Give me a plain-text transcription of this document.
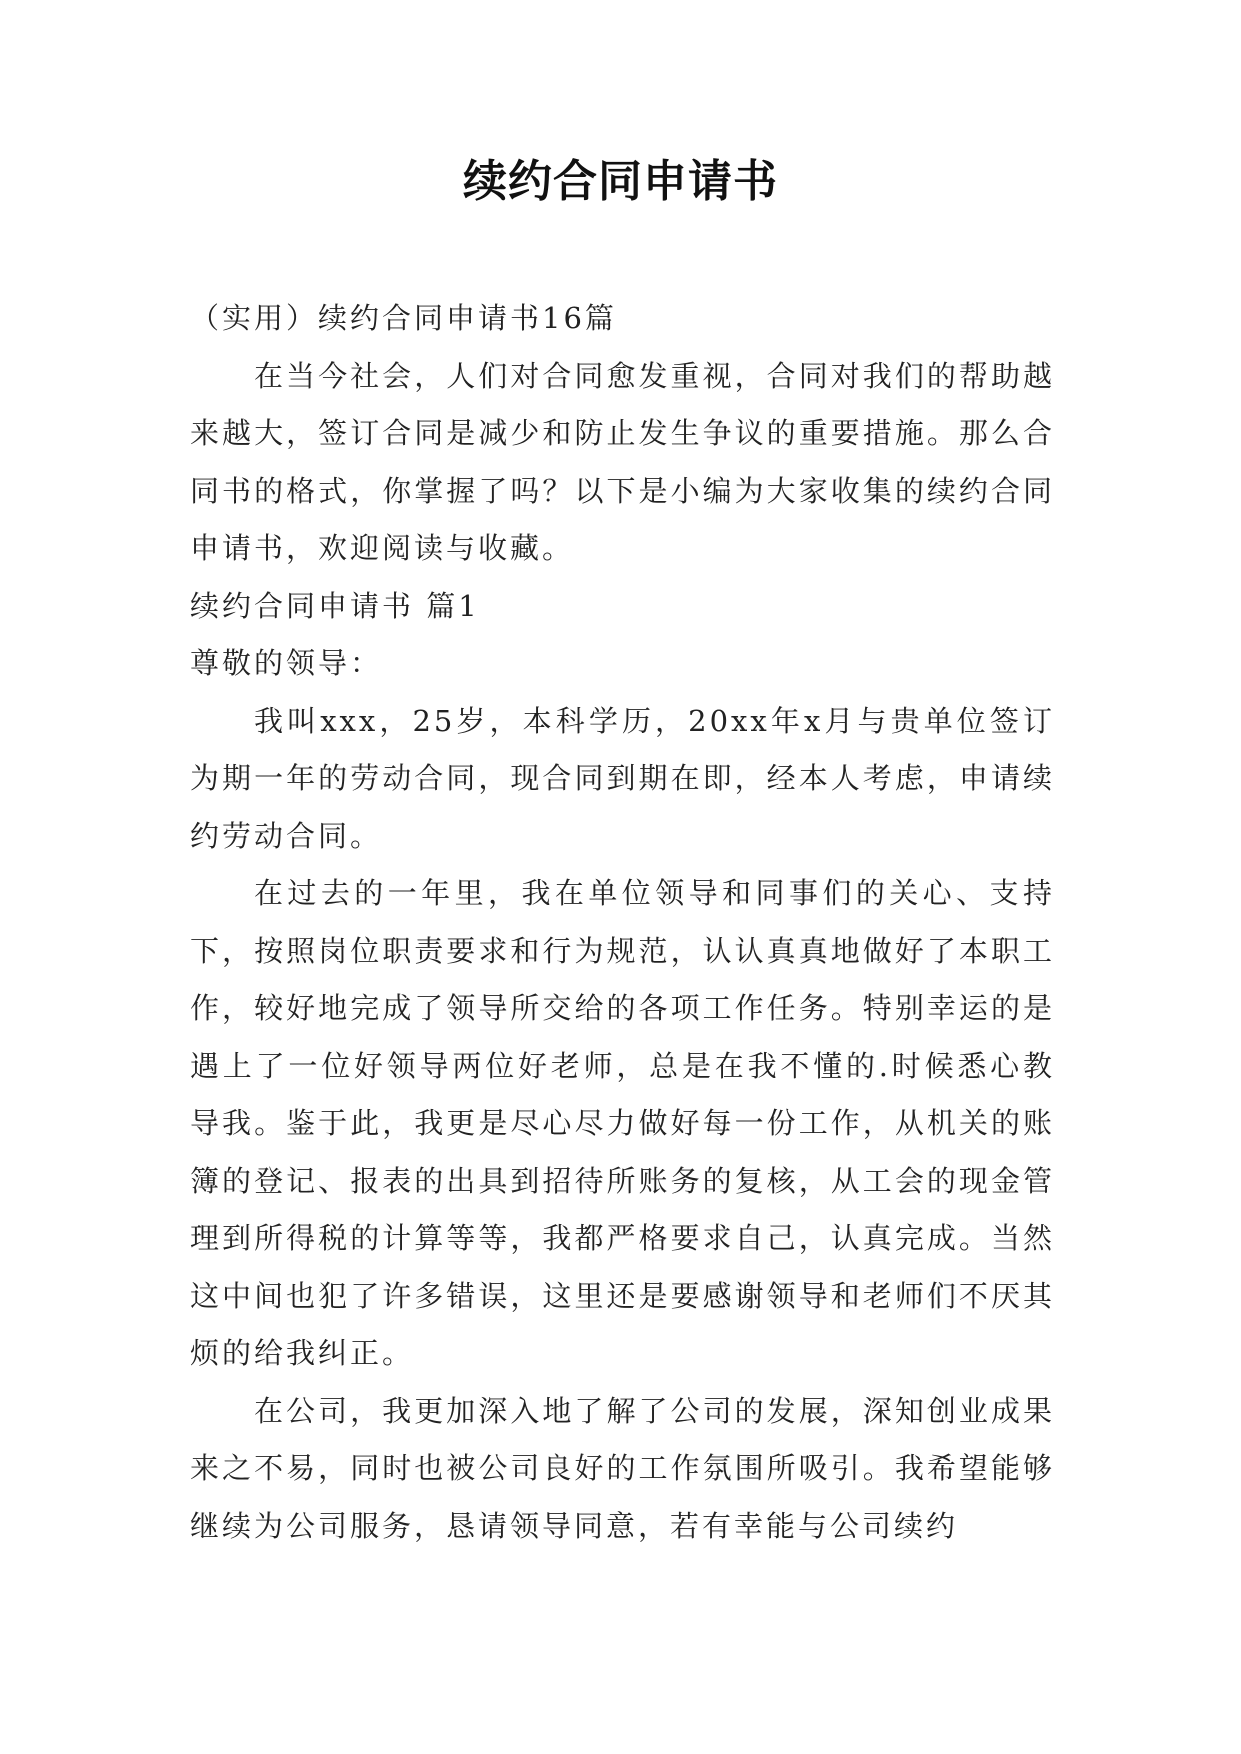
续约合同申请书

（实用）续约合同申请书16篇

在当今社会，人们对合同愈发重视，合同对我们的帮助越来越大，签订合同是减少和防止发生争议的重要措施。那么合同书的格式，你掌握了吗？以下是小编为大家收集的续约合同申请书，欢迎阅读与收藏。

续约合同申请书 篇1

尊敬的领导：

我叫xxx，25岁，本科学历，20xx年x月与贵单位签订为期一年的劳动合同，现合同到期在即，经本人考虑，申请续约劳动合同。

在过去的一年里，我在单位领导和同事们的关心、支持下，按照岗位职责要求和行为规范，认认真真地做好了本职工作，较好地完成了领导所交给的各项工作任务。特别幸运的是遇上了一位好领导两位好老师，总是在我不懂的.时候悉心教导我。鉴于此，我更是尽心尽力做好每一份工作，从机关的账簿的登记、报表的出具到招待所账务的复核，从工会的现金管理到所得税的计算等等，我都严格要求自己，认真完成。当然这中间也犯了许多错误，这里还是要感谢领导和老师们不厌其烦的给我纠正。

在公司，我更加深入地了解了公司的发展，深知创业成果来之不易，同时也被公司良好的工作氛围所吸引。我希望能够继续为公司服务，恳请领导同意，若有幸能与公司续约
